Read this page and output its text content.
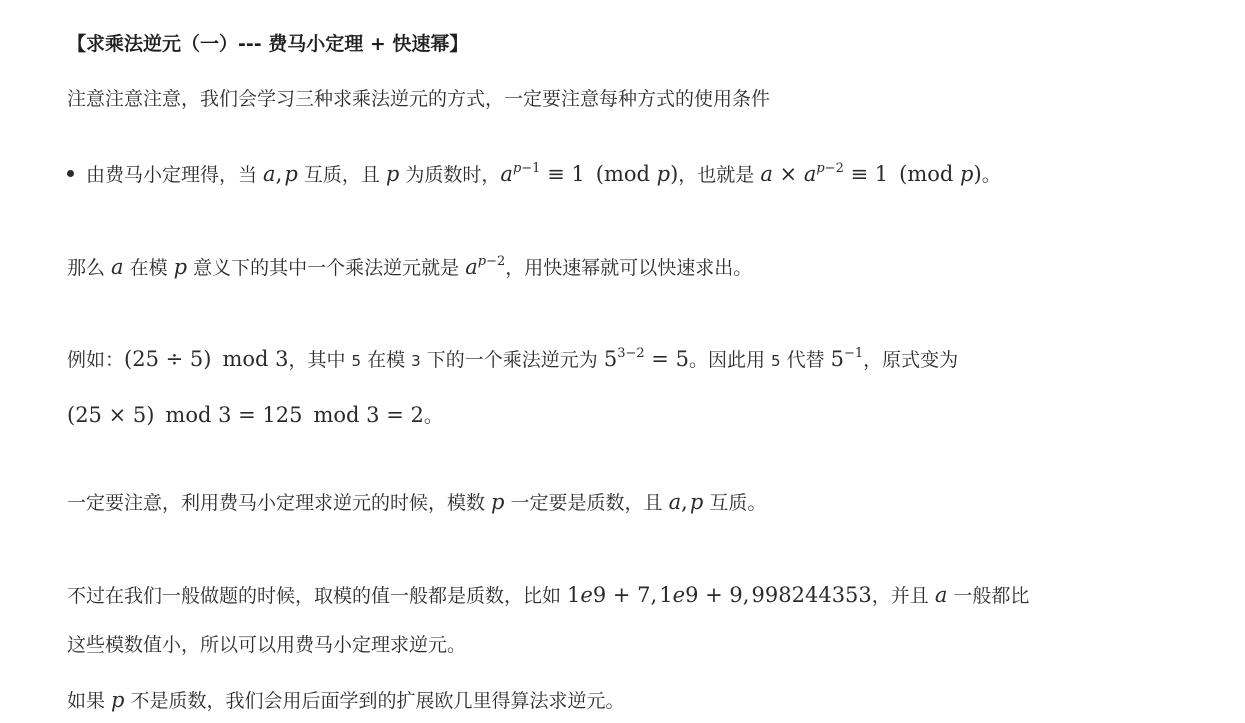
【求乘法逆元（一）--- 费马小定理 + 快速幂】
注意注意注意，我们会学习三种求乘法逆元的方式，一定要注意每种方式的使用条件
由费马小定理得，当 a, p 互质，且 p 为质数时，$a^{p-1} \equiv 1$ (mod p)，也就是 $a \times a^{p-2} \equiv 1$ (mod p)。
那么 a 在模 p 意义下的其中一个乘法逆元就是 $a^{p-2}$，用快速幂就可以快速求出。
例如：(25 ÷ 5) mod 3，其中 5 在模 3 下的一个乘法逆元为 $5^{3-2} = 5$。因此用 5 代替 $5^{-1}$，原式变为
(25 × 5) mod 3 = 125 mod 3 = 2。
一定要注意，利用费马小定理求逆元的时候，模数 p 一定要是质数，且 a, p 互质。
不过在我们一般做题的时候，取模的值一般都是质数，比如 1e9 + 7, 1e9 + 9, 998244353，并且 a 一般都比
这些模数值小，所以可以用费马小定理求逆元。
如果 p 不是质数，我们会用后面学到的扩展欧几里得算法求逆元。
